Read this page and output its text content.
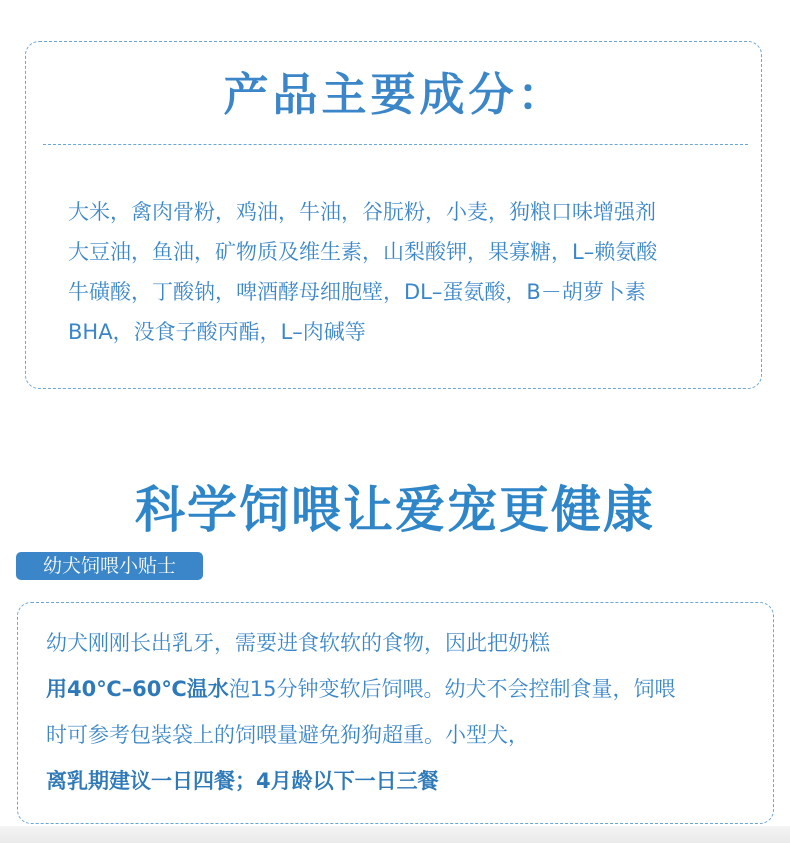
产品主要成分：
大米，禽肉骨粉，鸡油，牛油，谷朊粉，小麦，狗粮口味增强剂
大豆油，鱼油，矿物质及维生素，山梨酸钾，果寡糖，L–赖氨酸
牛磺酸，丁酸钠，啤酒酵母细胞壁，DL–蛋氨酸，B－胡萝卜素
BHA，没食子酸丙酯，L–肉碱等
科学饲喂让爱宠更健康
幼犬饲喂小贴士
幼犬刚刚长出乳牙，需要进食软软的食物，因此把奶糕
用40℃–60℃温水泡15分钟变软后饲喂。幼犬不会控制食量，饲喂
时可参考包装袋上的饲喂量避免狗狗超重。小型犬，
离乳期建议一日四餐；4月龄以下一日三餐
